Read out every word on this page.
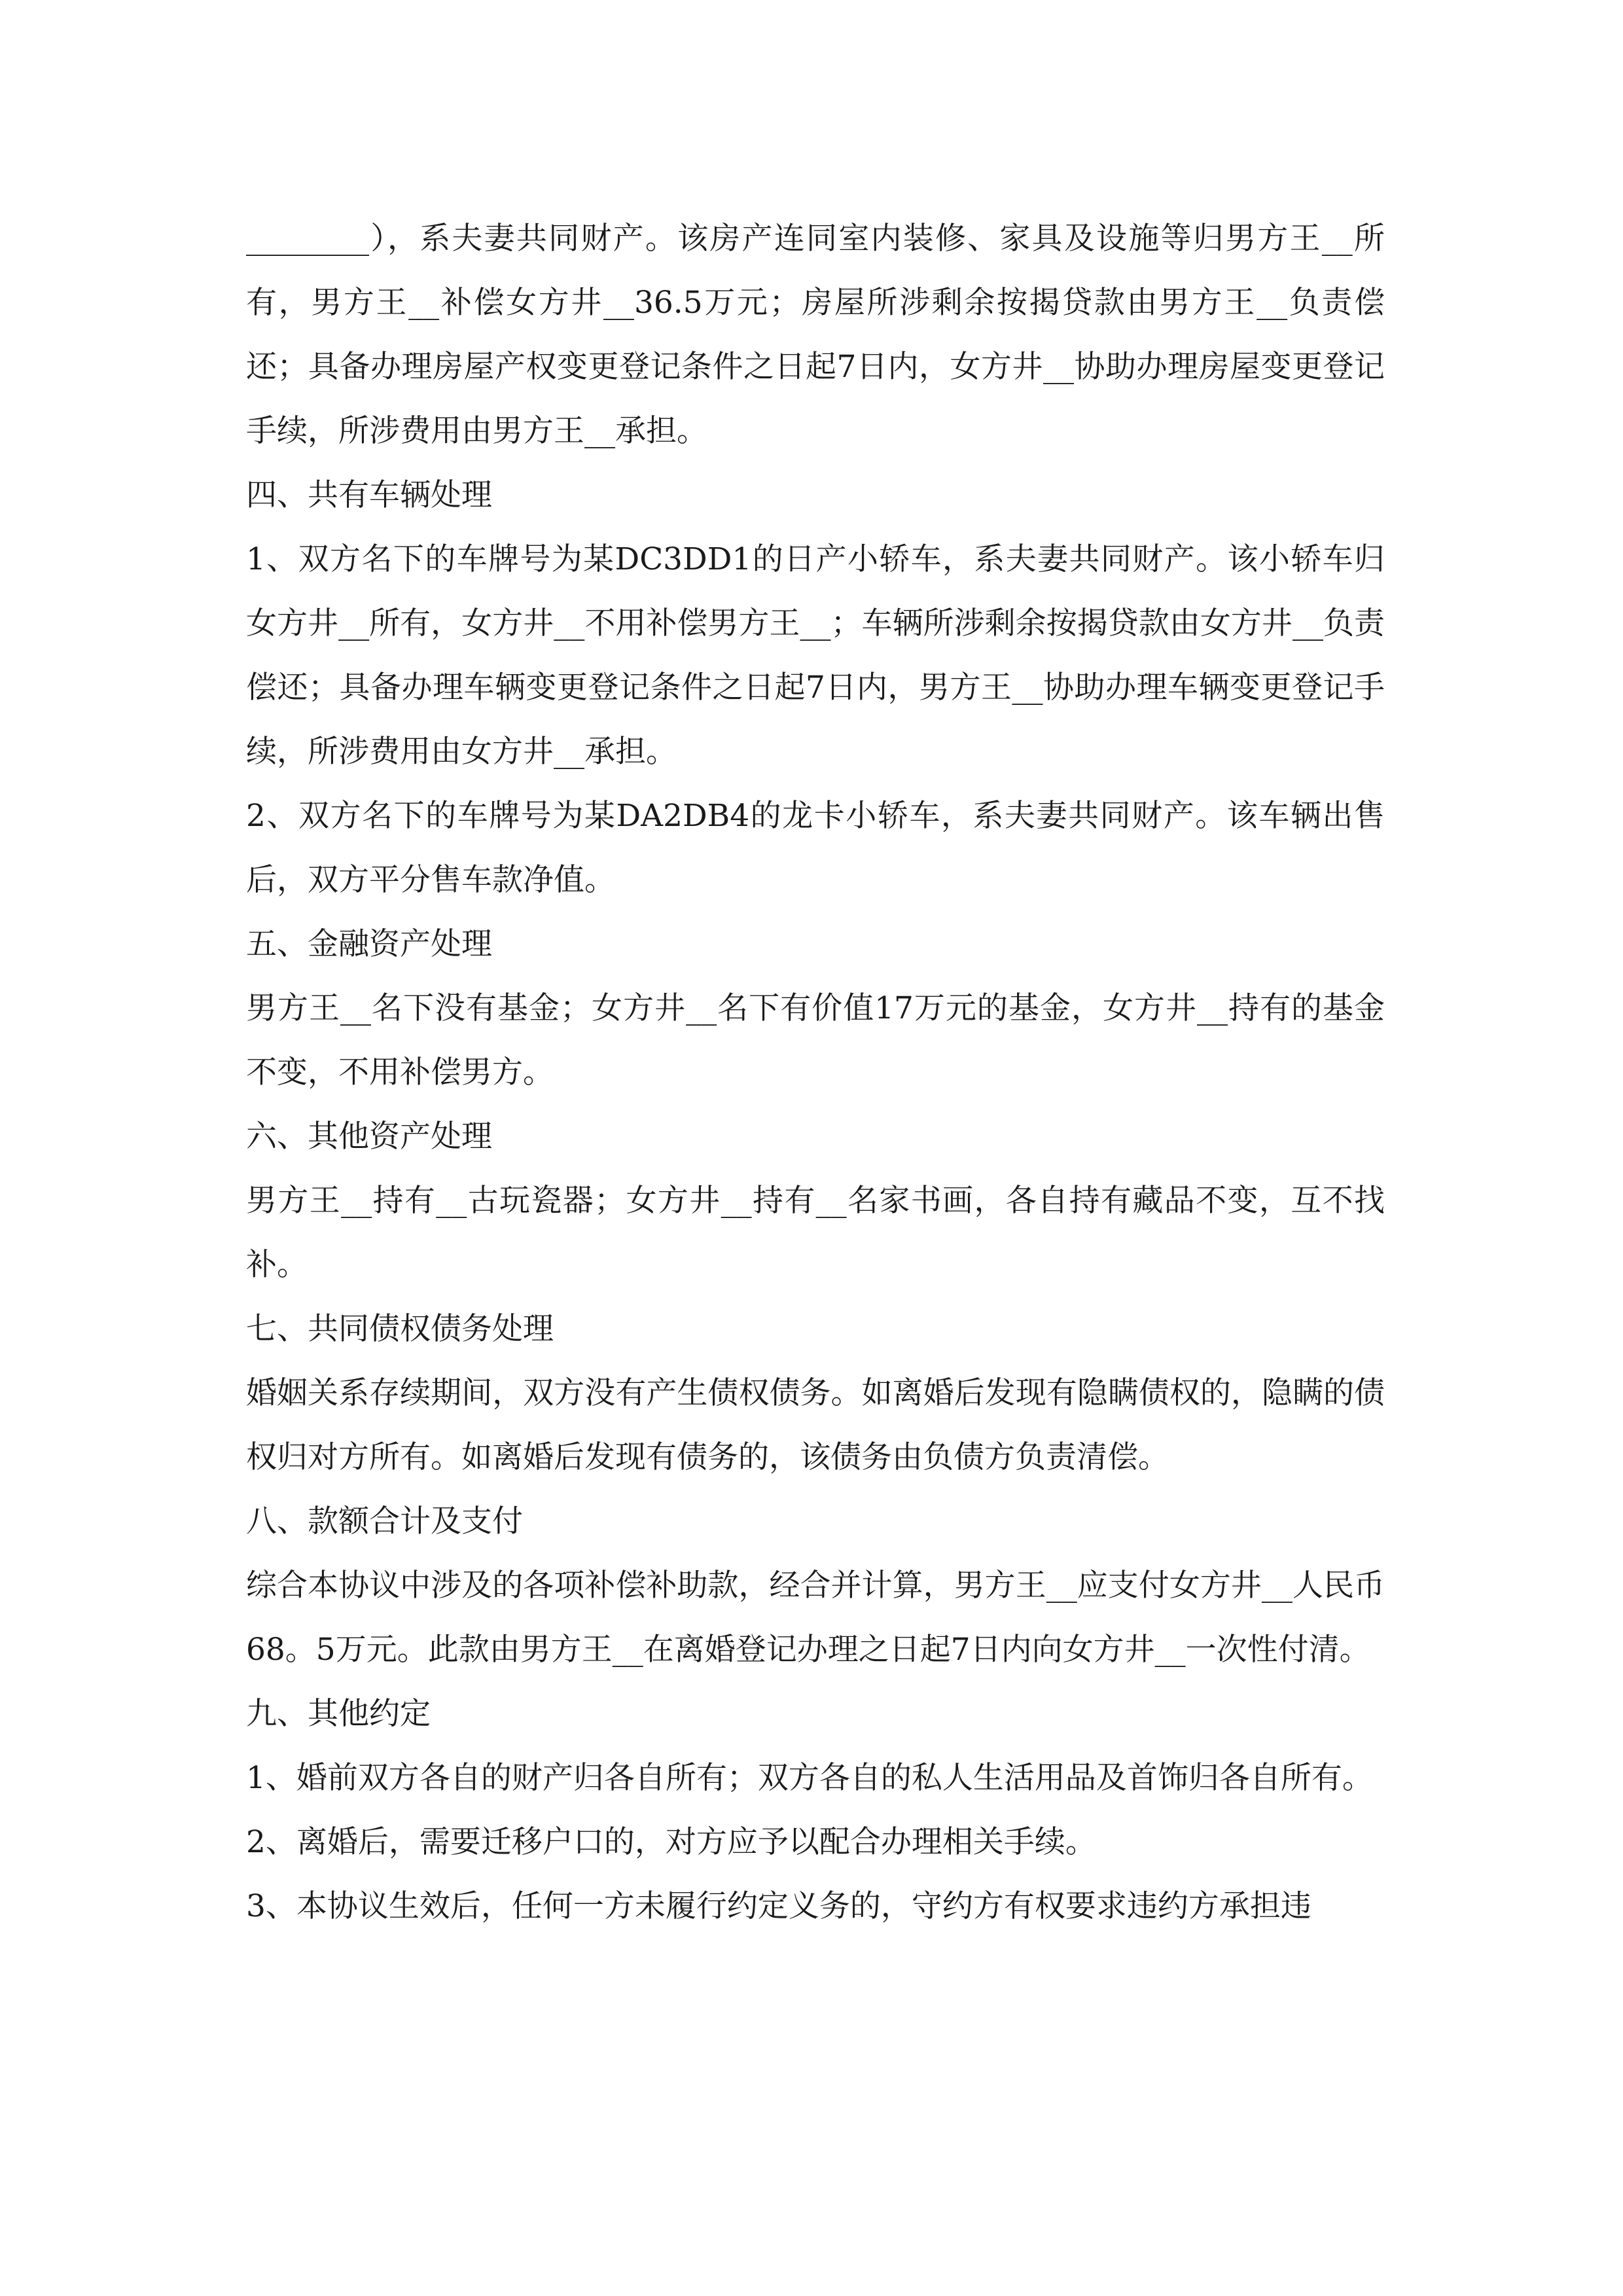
________），系夫妻共同财产。该房产连同室内装修、家具及设施等归男方王__所有，男方王__补偿女方井__36.5万元；房屋所涉剩余按揭贷款由男方王__负责偿还；具备办理房屋产权变更登记条件之日起7日内，女方井__协助办理房屋变更登记手续，所涉费用由男方王__承担。

四、共有车辆处理

1、双方名下的车牌号为某DC3DD1的日产小轿车，系夫妻共同财产。该小轿车归女方井__所有，女方井__不用补偿男方王__；车辆所涉剩余按揭贷款由女方井__负责偿还；具备办理车辆变更登记条件之日起7日内，男方王__协助办理车辆变更登记手续，所涉费用由女方井__承担。

2、双方名下的车牌号为某DA2DB4的龙卡小轿车，系夫妻共同财产。该车辆出售后，双方平分售车款净值。

五、金融资产处理

男方王__名下没有基金；女方井__名下有价值17万元的基金，女方井__持有的基金不变，不用补偿男方。

六、其他资产处理

男方王__持有__古玩瓷器；女方井__持有__名家书画，各自持有藏品不变，互不找补。

七、共同债权债务处理

婚姻关系存续期间，双方没有产生债权债务。如离婚后发现有隐瞒债权的，隐瞒的债权归对方所有。如离婚后发现有债务的，该债务由负债方负责清偿。

八、款额合计及支付

综合本协议中涉及的各项补偿补助款，经合并计算，男方王__应支付女方井__人民币68。5万元。此款由男方王__在离婚登记办理之日起7日内向女方井__一次性付清。

九、其他约定

1、婚前双方各自的财产归各自所有；双方各自的私人生活用品及首饰归各自所有。

2、离婚后，需要迁移户口的，对方应予以配合办理相关手续。

3、本协议生效后，任何一方未履行约定义务的，守约方有权要求违约方承担违
